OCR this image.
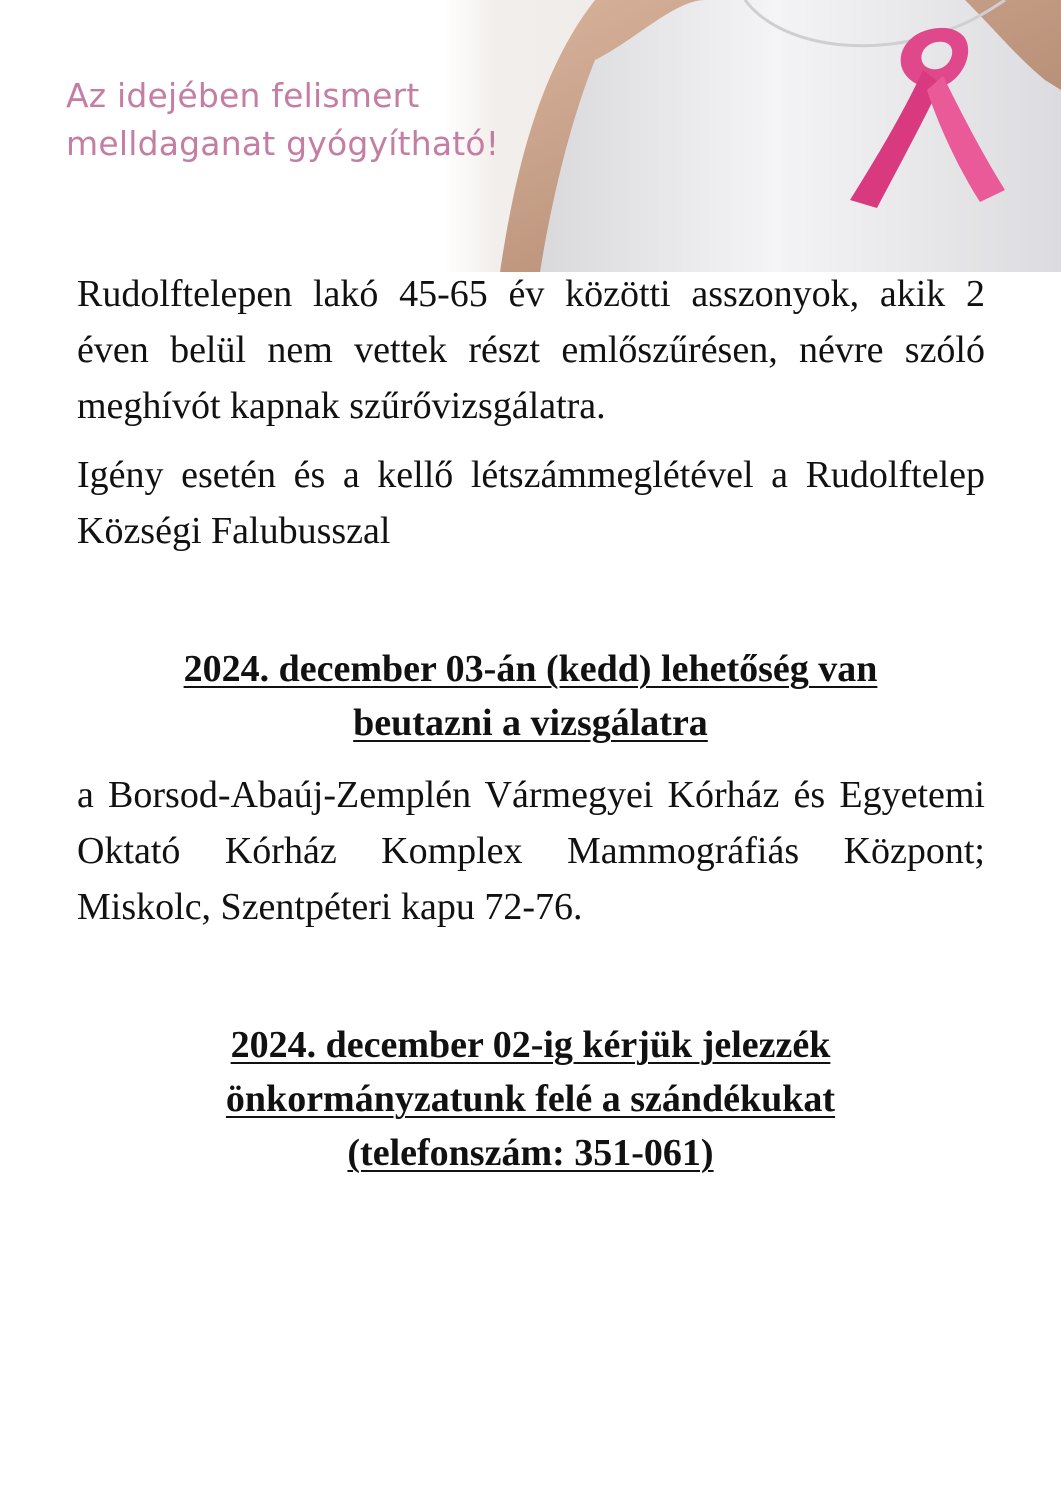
Az idejében felismert
melldaganat gyógyítható!
Rudolftelepen lakó 45-65 év közötti asszonyok, akik 2 éven belül nem vettek részt emlőszűrésen, névre szóló meghívót kapnak szűrővizsgálatra.
Igény esetén és a kellő létszámmeglétével a Rudolftelep Községi Falubusszal
2024. december 03-án (kedd) lehetőség van
beutazni a vizsgálatra
a Borsod-Abaúj-Zemplén Vármegyei Kórház és Egyetemi Oktató Kórház Komplex Mammográfiás Központ; Miskolc, Szentpéteri kapu 72-76.
2024. december 02-ig kérjük jelezzék
önkormányzatunk felé a szándékukat
(telefonszám: 351-061)
